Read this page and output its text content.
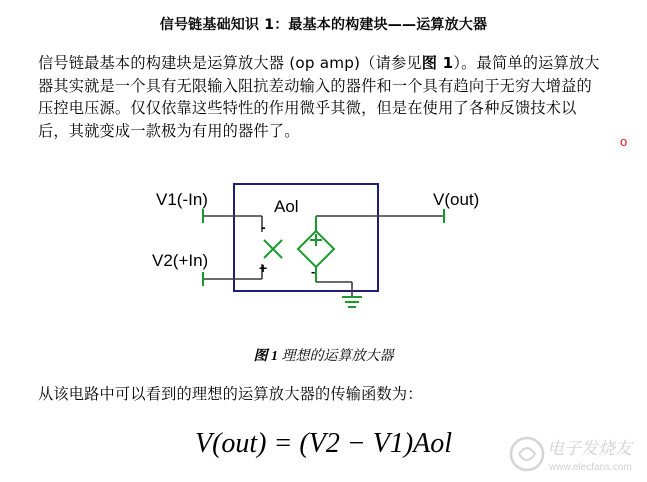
信号链基础知识 1：最基本的构建块——运算放大器
信号链最基本的构建块是运算放大器 (op amp)（请参见图 1）。最简单的运算放大器其实就是一个具有无限输入阻抗差动输入的器件和一个具有趋向于无穷大增益的压控电压源。仅仅依靠这些特性的作用微乎其微，但是在使用了各种反馈技术以后，其就变成一款极为有用的器件了。
o
V1(-In)
V2(+In)
V(out)
Aol
-
+	-
图 1 理想的运算放大器
从该电路中可以看到的理想的运算放大器的传输函数为：
V(out) = (V2 − V1)Aol	电子发烧友
www.elecfans.com
